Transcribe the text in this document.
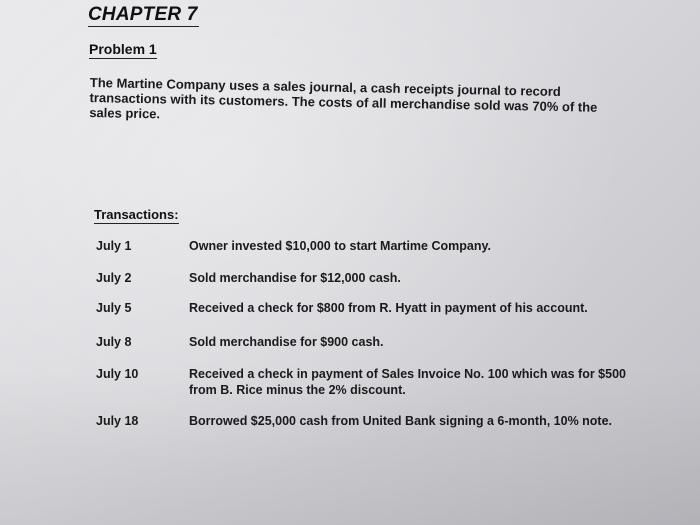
CHAPTER 7
Problem 1
The Martine Company uses a sales journal, a cash receipts journal to record transactions with its customers. The costs of all merchandise sold was 70% of the sales price.
Transactions:
July 1	Owner invested $10,000 to start Martime Company.
July 2	Sold merchandise for $12,000 cash.
July 5	Received a check for $800 from R. Hyatt in payment of his account.
July 8	Sold merchandise for $900 cash.
July 10	Received a check in payment of Sales Invoice No. 100 which was for $500 from B. Rice minus the 2% discount.
July 18	Borrowed $25,000 cash from United Bank signing a 6-month, 10% note.
